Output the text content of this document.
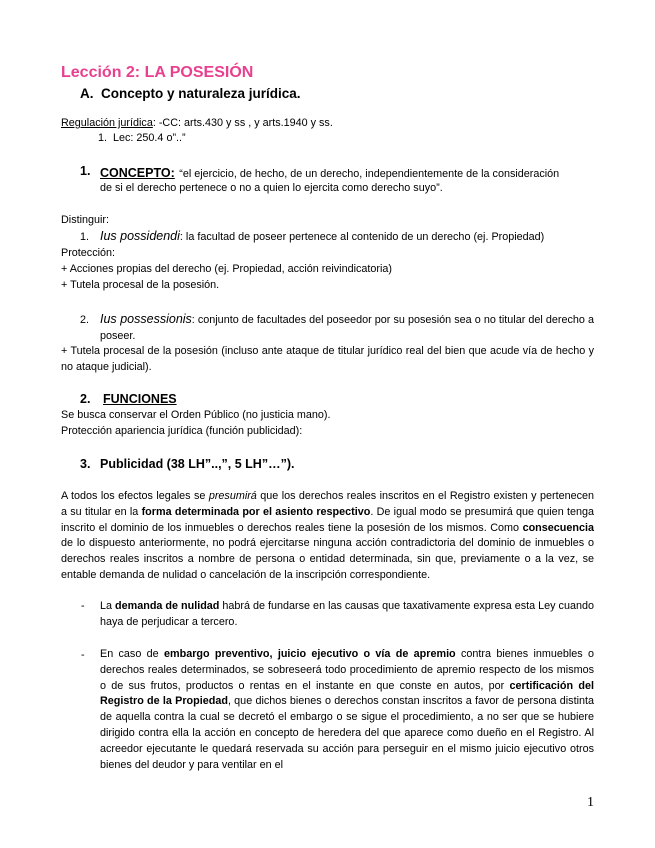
Lección 2: LA POSESIÓN
A. Concepto y naturaleza jurídica.
Regulación jurídica: -CC: arts.430 y ss , y arts.1940 y ss.
1. Lec: 250.4 o”..”
1. CONCEPTO: “el ejercicio, de hecho, de un derecho, independientemente de la consideración
de si el derecho pertenece o no a quien lo ejercita como derecho suyo”.
Distinguir:
1. Ius possidendi: la facultad de poseer pertenece al contenido de un derecho (ej. Propiedad)
Protección:
+ Acciones propias del derecho (ej. Propiedad, acción reivindicatoria)
+ Tutela procesal de la posesión.
2. Ius possessionis: conjunto de facultades del poseedor por su posesión sea o no titular del derecho a poseer.
+ Tutela procesal de la posesión (incluso ante ataque de titular jurídico real del bien que acude vía de hecho y no ataque judicial).
2. FUNCIONES
Se busca conservar el Orden Público (no justicia mano).
Protección apariencia jurídica (función publicidad):
3. Publicidad (38 LH”..,”, 5 LH”…”).
A todos los efectos legales se presumirá que los derechos reales inscritos en el Registro existen y pertenecen a su titular en la forma determinada por el asiento respectivo. De igual modo se presumirá que quien tenga inscrito el dominio de los inmuebles o derechos reales tiene la posesión de los mismos. Como consecuencia de lo dispuesto anteriormente, no podrá ejercitarse ninguna acción contradictoria del dominio de inmuebles o derechos reales inscritos a nombre de persona o entidad determinada, sin que, previamente o a la vez, se entable demanda de nulidad o cancelación de la inscripción correspondiente.
- La demanda de nulidad habrá de fundarse en las causas que taxativamente expresa esta Ley cuando haya de perjudicar a tercero.
- En caso de embargo preventivo, juicio ejecutivo o vía de apremio contra bienes inmuebles o derechos reales determinados, se sobreseerá todo procedimiento de apremio respecto de los mismos o de sus frutos, productos o rentas en el instante en que conste en autos, por certificación del Registro de la Propiedad, que dichos bienes o derechos constan inscritos a favor de persona distinta de aquella contra la cual se decretó el embargo o se sigue el procedimiento, a no ser que se hubiere dirigido contra ella la acción en concepto de heredera del que aparece como dueño en el Registro. Al acreedor ejecutante le quedará reservada su acción para perseguir en el mismo juicio ejecutivo otros bienes del deudor y para ventilar en el
1
